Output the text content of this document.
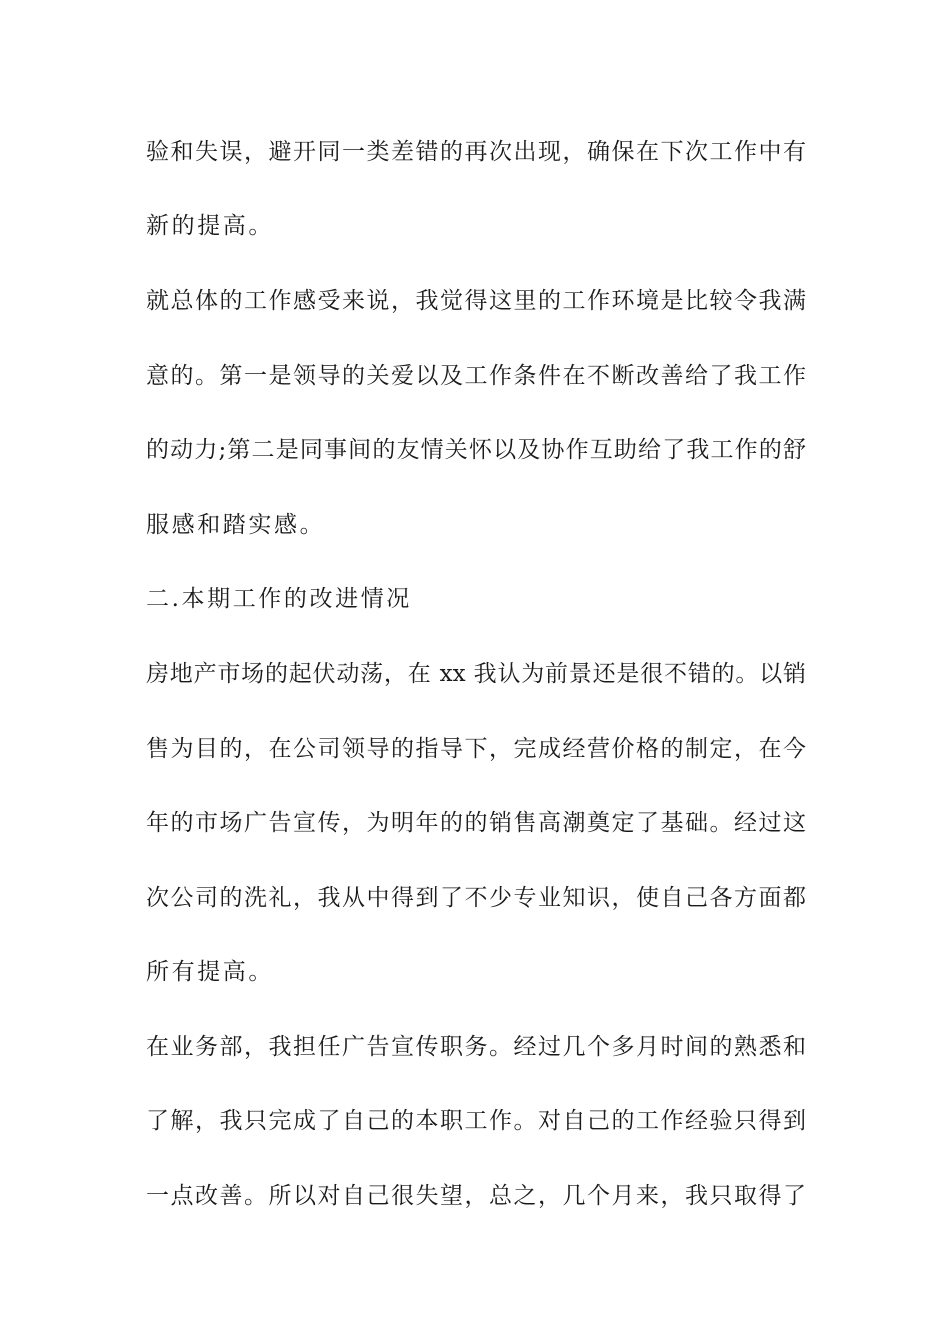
验和失误，避开同一类差错的再次出现，确保在下次工作中有
新的提高。
就总体的工作感受来说，我觉得这里的工作环境是比较令我满
意的。第一是领导的关爱以及工作条件在不断改善给了我工作
的动力;第二是同事间的友情关怀以及协作互助给了我工作的舒
服感和踏实感。
二.本期工作的改进情况
房地产市场的起伏动荡，在 xx 我认为前景还是很不错的。以销
售为目的，在公司领导的指导下，完成经营价格的制定，在今
年的市场广告宣传，为明年的的销售高潮奠定了基础。经过这
次公司的洗礼，我从中得到了不少专业知识，使自己各方面都
所有提高。
在业务部，我担任广告宣传职务。经过几个多月时间的熟悉和
了解，我只完成了自己的本职工作。对自己的工作经验只得到
一点改善。所以对自己很失望，总之，几个月来，我只取得了
